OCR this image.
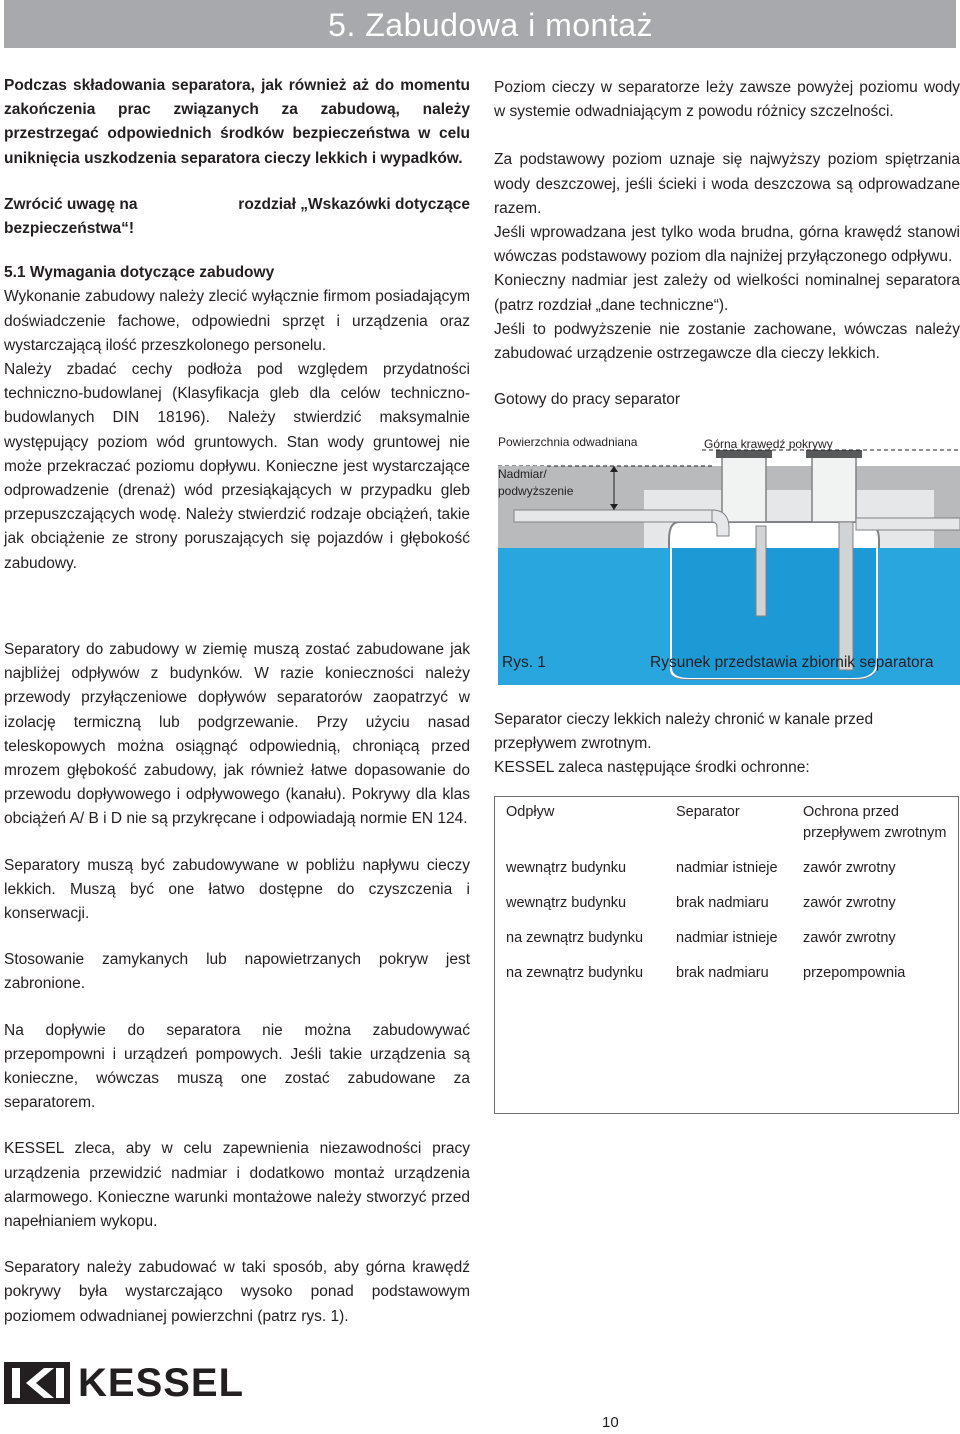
5. Zabudowa i montaż

Podczas składowania separatora, jak również aż do momentu zakończenia prac związanych za zabudową, należy przestrzegać odpowiednich środków bezpieczeństwa w celu uniknięcia uszkodzenia separatora cieczy lekkich i wypadków.

Zwrócić uwagę na	rozdział „Wskazówki dotyczące

bezpieczeństwa“!

5.1 Wymagania dotyczące zabudowy

Wykonanie zabudowy należy zlecić wyłącznie firmom posiadającym doświadczenie fachowe, odpowiedni sprzęt i urządzenia oraz wystarczającą ilość przeszkolonego personelu.

Należy zbadać cechy podłoża pod względem przydatności techniczno-budowlanej (Klasyfikacja gleb dla celów techniczno-budowlanych DIN 18196). Należy stwierdzić maksymalnie występujący poziom wód gruntowych. Stan wody gruntowej nie może przekraczać poziomu dopływu. Konieczne jest wystarczające odprowadzenie (drenaż) wód przesiąkających w przypadku gleb przepuszczających wodę. Należy stwierdzić rodzaje obciążeń, takie jak obciążenie ze strony poruszających się pojazdów i głębokość zabudowy.

Separatory do zabudowy w ziemię muszą zostać zabudowane jak najbliżej odpływów z budynków. W razie konieczności należy przewody przyłączeniowe dopływów separatorów zaopatrzyć w izolację termiczną lub podgrzewanie. Przy użyciu nasad teleskopowych można osiągnąć odpowiednią, chroniącą przed mrozem głębokość zabudowy, jak również łatwe dopasowanie do przewodu dopływowego i odpływowego (kanału). Pokrywy dla klas obciążeń A/ B i D nie są przykręcane i odpowiadają normie EN 124.

Separatory muszą być zabudowywane w pobliżu napływu cieczy lekkich. Muszą być one łatwo dostępne do czyszczenia i konserwacji.

Stosowanie zamykanych lub napowietrzanych pokryw jest zabronione.

Na dopływie do separatora nie można zabudowywać przepompowni i urządzeń pompowych. Jeśli takie urządzenia są konieczne, wówczas muszą one zostać zabudowane za separatorem.

KESSEL zleca, aby w celu zapewnienia niezawodności pracy urządzenia przewidzić nadmiar i dodatkowo montaż urządzenia alarmowego. Konieczne warunki montażowe należy stworzyć przed napełnianiem wykopu.

Separatory należy zabudować w taki sposób, aby górna krawędź pokrywy była wystarczająco wysoko ponad podstawowym poziomem odwadnianej powierzchni (patrz rys. 1).

Poziom cieczy w separatorze leży zawsze powyżej poziomu wody w systemie odwadniającym z powodu różnicy szczelności.

Za podstawowy poziom uznaje się najwyższy poziom spiętrzania wody deszczowej, jeśli ścieki i woda deszczowa są odprowadzane razem.

Jeśli wprowadzana jest tylko woda brudna, górna krawędź stanowi wówczas podstawowy poziom dla najniżej przyłączonego odpływu.

Konieczny nadmiar jest zależy od wielkości nominalnej separatora (patrz rozdział „dane techniczne“).

Jeśli to podwyższenie nie zostanie zachowane, wówczas należy zabudować urządzenie ostrzegawcze dla cieczy lekkich.

Gotowy do pracy separator

Powierzchnia odwadniana	Górna krawędź pokrywy
Nadmiar/
podwyższenie
Rys. 1	Rysunek przedstawia zbiornik separatora

Separator cieczy lekkich należy chronić w kanale przed przepływem zwrotnym.

KESSEL zaleca następujące środki ochronne:

Odpływ	Separator	Ochrona przed przepływem zwrotnym
wewnątrz budynku	nadmiar istnieje	zawór zwrotny
wewnątrz budynku	brak nadmiaru	zawór zwrotny
na zewnątrz budynku	nadmiar istnieje	zawór zwrotny
na zewnątrz budynku	brak nadmiaru	przepompownia
KESSEL
10
